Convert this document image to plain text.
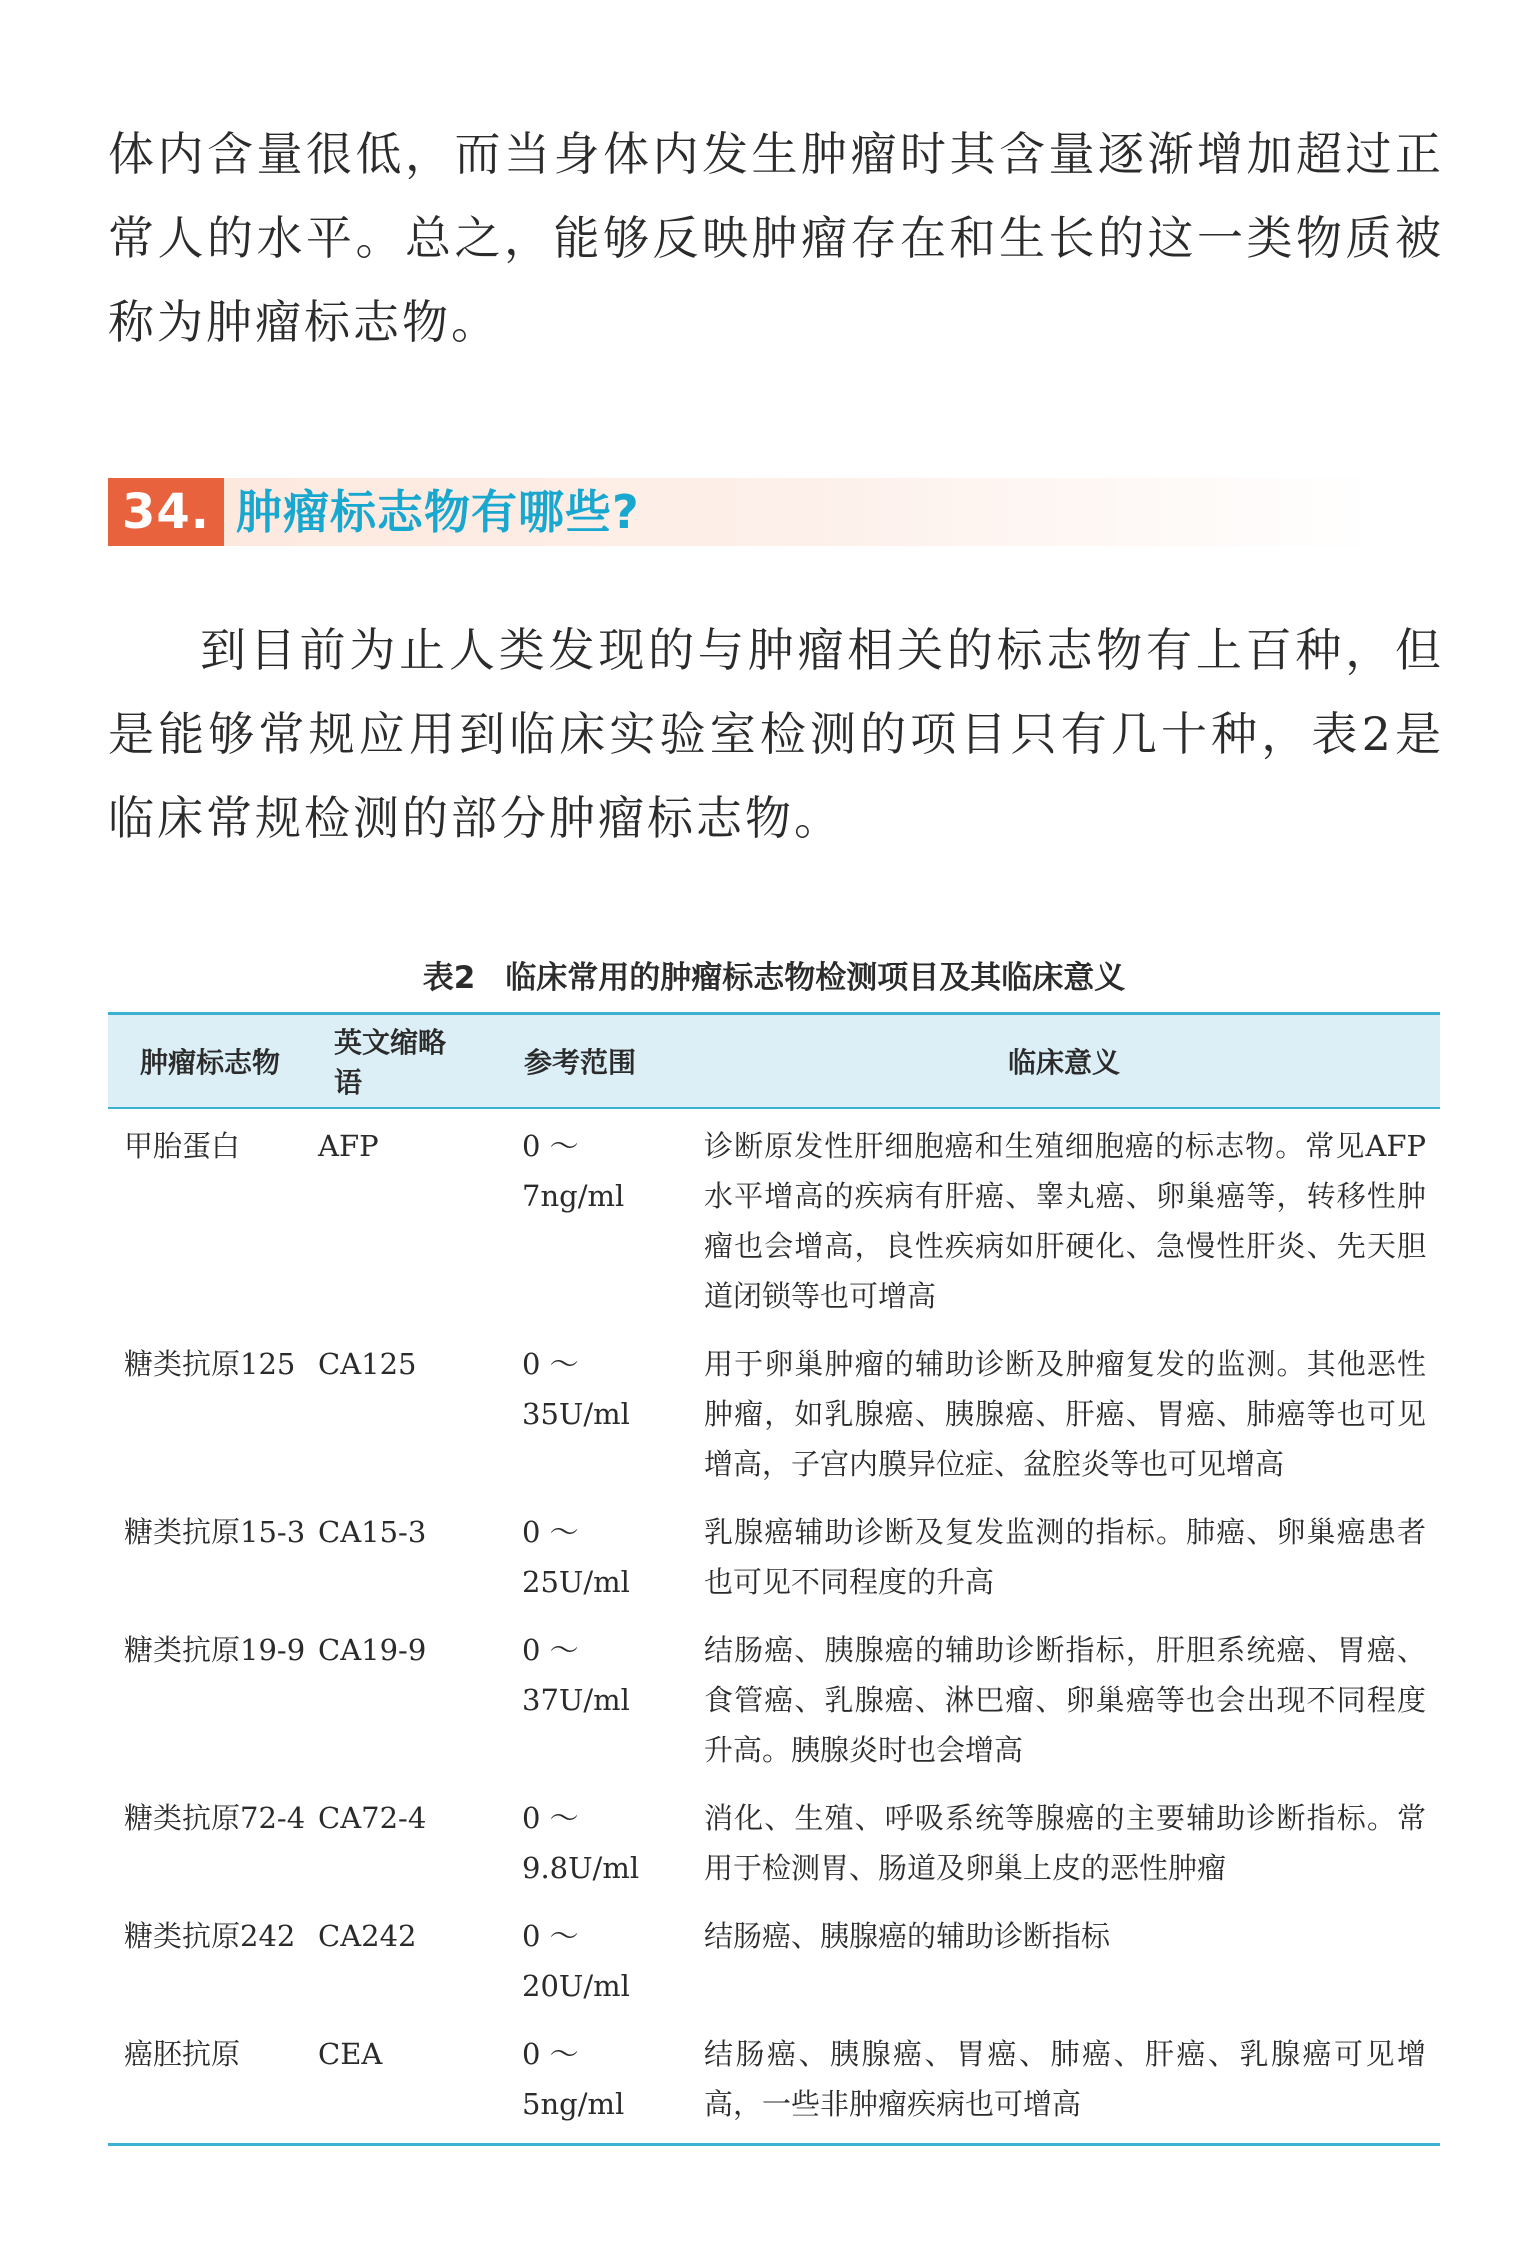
体内含量很低，而当身体内发生肿瘤时其含量逐渐增加超过正常人的水平。总之，能够反映肿瘤存在和生长的这一类物质被称为肿瘤标志物。

34. 肿瘤标志物有哪些?

到目前为止人类发现的与肿瘤相关的标志物有上百种，但是能够常规应用到临床实验室检测的项目只有几十种，表2是临床常规检测的部分肿瘤标志物。

表2 临床常用的肿瘤标志物检测项目及其临床意义
肿瘤标志物	英文缩略语	参考范围	临床意义
甲胎蛋白	AFP	0 ～ 7ng/ml	诊断原发性肝细胞癌和生殖细胞癌的标志物。常见AFP水平增高的疾病有肝癌、睾丸癌、卵巢癌等，转移性肿瘤也会增高，良性疾病如肝硬化、急慢性肝炎、先天胆道闭锁等也可增高
糖类抗原125	CA125	0 ～ 35U/ml	用于卵巢肿瘤的辅助诊断及肿瘤复发的监测。其他恶性肿瘤，如乳腺癌、胰腺癌、肝癌、胃癌、肺癌等也可见增高，子宫内膜异位症、盆腔炎等也可见增高
糖类抗原15-3	CA15-3	0 ～ 25U/ml	乳腺癌辅助诊断及复发监测的指标。肺癌、卵巢癌患者也可见不同程度的升高
糖类抗原19-9	CA19-9	0 ～ 37U/ml	结肠癌、胰腺癌的辅助诊断指标，肝胆系统癌、胃癌、食管癌、乳腺癌、淋巴瘤、卵巢癌等也会出现不同程度升高。胰腺炎时也会增高
糖类抗原72-4	CA72-4	0 ～ 9.8U/ml	消化、生殖、呼吸系统等腺癌的主要辅助诊断指标。常用于检测胃、肠道及卵巢上皮的恶性肿瘤
糖类抗原242	CA242	0 ～ 20U/ml	结肠癌、胰腺癌的辅助诊断指标
癌胚抗原	CEA	0 ～ 5ng/ml	结肠癌、胰腺癌、胃癌、肺癌、肝癌、乳腺癌可见增高，一些非肿瘤疾病也可增高
